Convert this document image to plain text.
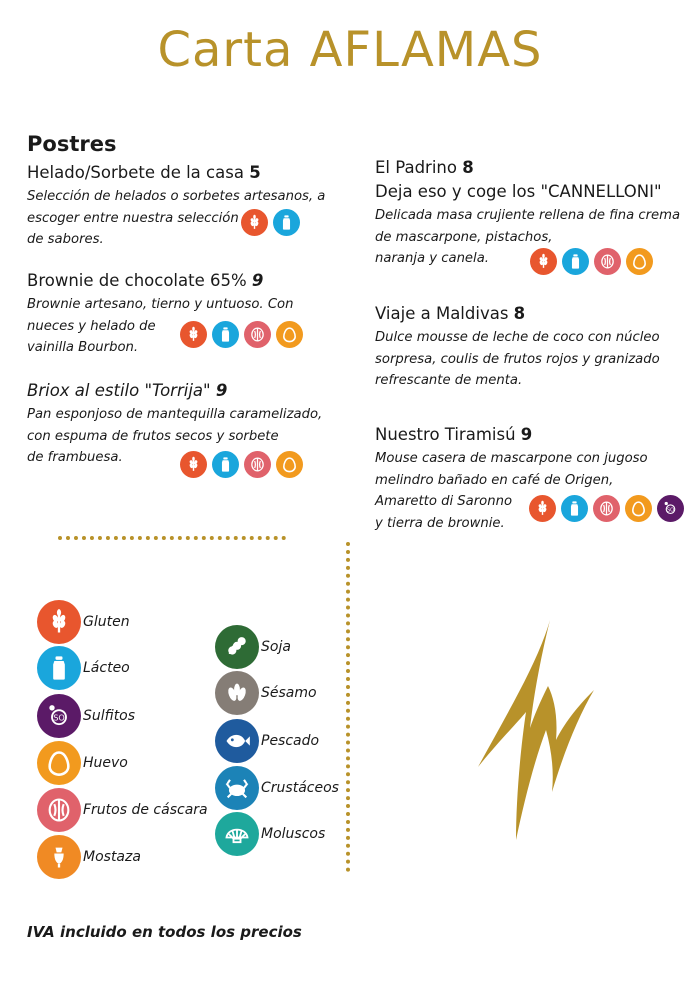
Carta AFLAMAS
Postres
Helado/Sorbete de la casa 5
Selección de helados o sorbetes artesanos, a
escoger entre nuestra selección
de sabores.
Brownie de chocolate 65% 9
Brownie artesano, tierno y untuoso. Con
nueces y helado de
vainilla Bourbon.
Briox al estilo "Torrija" 9
Pan esponjoso de mantequilla caramelizado,
con espuma de frutos secos y sorbete
de frambuesa.
El Padrino 8
Deja eso y coge los "CANNELLONI"
Delicada masa crujiente rellena de fina crema
de mascarpone, pistachos,
naranja y canela.
Viaje a Maldivas 8
Dulce mousse de leche de coco con núcleo
sorpresa, coulis de frutos rojos y granizado
refrescante de menta.
Nuestro Tiramisú 9
Mouse casera de mascarpone con jugoso
melindro bañado en café de Origen,
Amaretto di Saronno
y tierra de brownie.
Gluten
Lácteo
Sulfitos
Huevo
Frutos de cáscara
Mostaza
Soja
Sésamo
Pescado
Crustáceos
Moluscos
IVA incluido en todos los precios
